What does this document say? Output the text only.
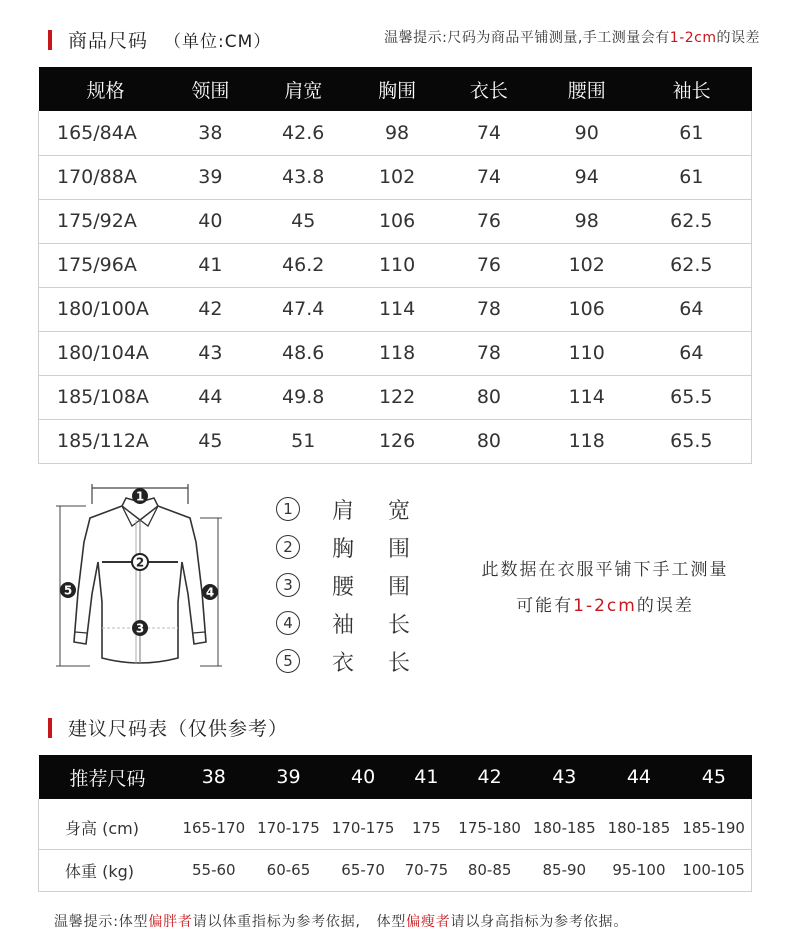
商品尺码 （单位:CM）	温馨提示:尺码为商品平铺测量,手工测量会有1-2cm的误差
规格	领围	肩宽	胸围	衣长	腰围	袖长
165/84A	38	42.6	98	74	90	61
170/88A	39	43.8	102	74	94	61
175/92A	40	45	106	76	98	62.5
175/96A	41	46.2	110	76	102	62.5
180/100A	42	47.4	114	78	106	64
180/104A	43	48.6	118	78	110	64
185/108A	44	49.8	122	80	114	65.5
185/112A	45	51	126	80	118	65.5
1
2
3
4
5
1	肩	宽
2	胸	围
3	腰	围
4	袖	长
5	衣	长
此数据在衣服平铺下手工测量
可能有1-2cm的误差
建议尺码表（仅供参考）
推荐尺码	38	39	40	41	42	43	44	45

身高 (cm)	165-170	170-175	170-175	175	175-180	180-185	180-185	185-190
体重 (kg)	55-60	60-65	65-70	70-75	80-85	85-90	95-100	100-105
温馨提示:体型偏胖者请以体重指标为参考依据,   体型偏瘦者请以身高指标为参考依据。
